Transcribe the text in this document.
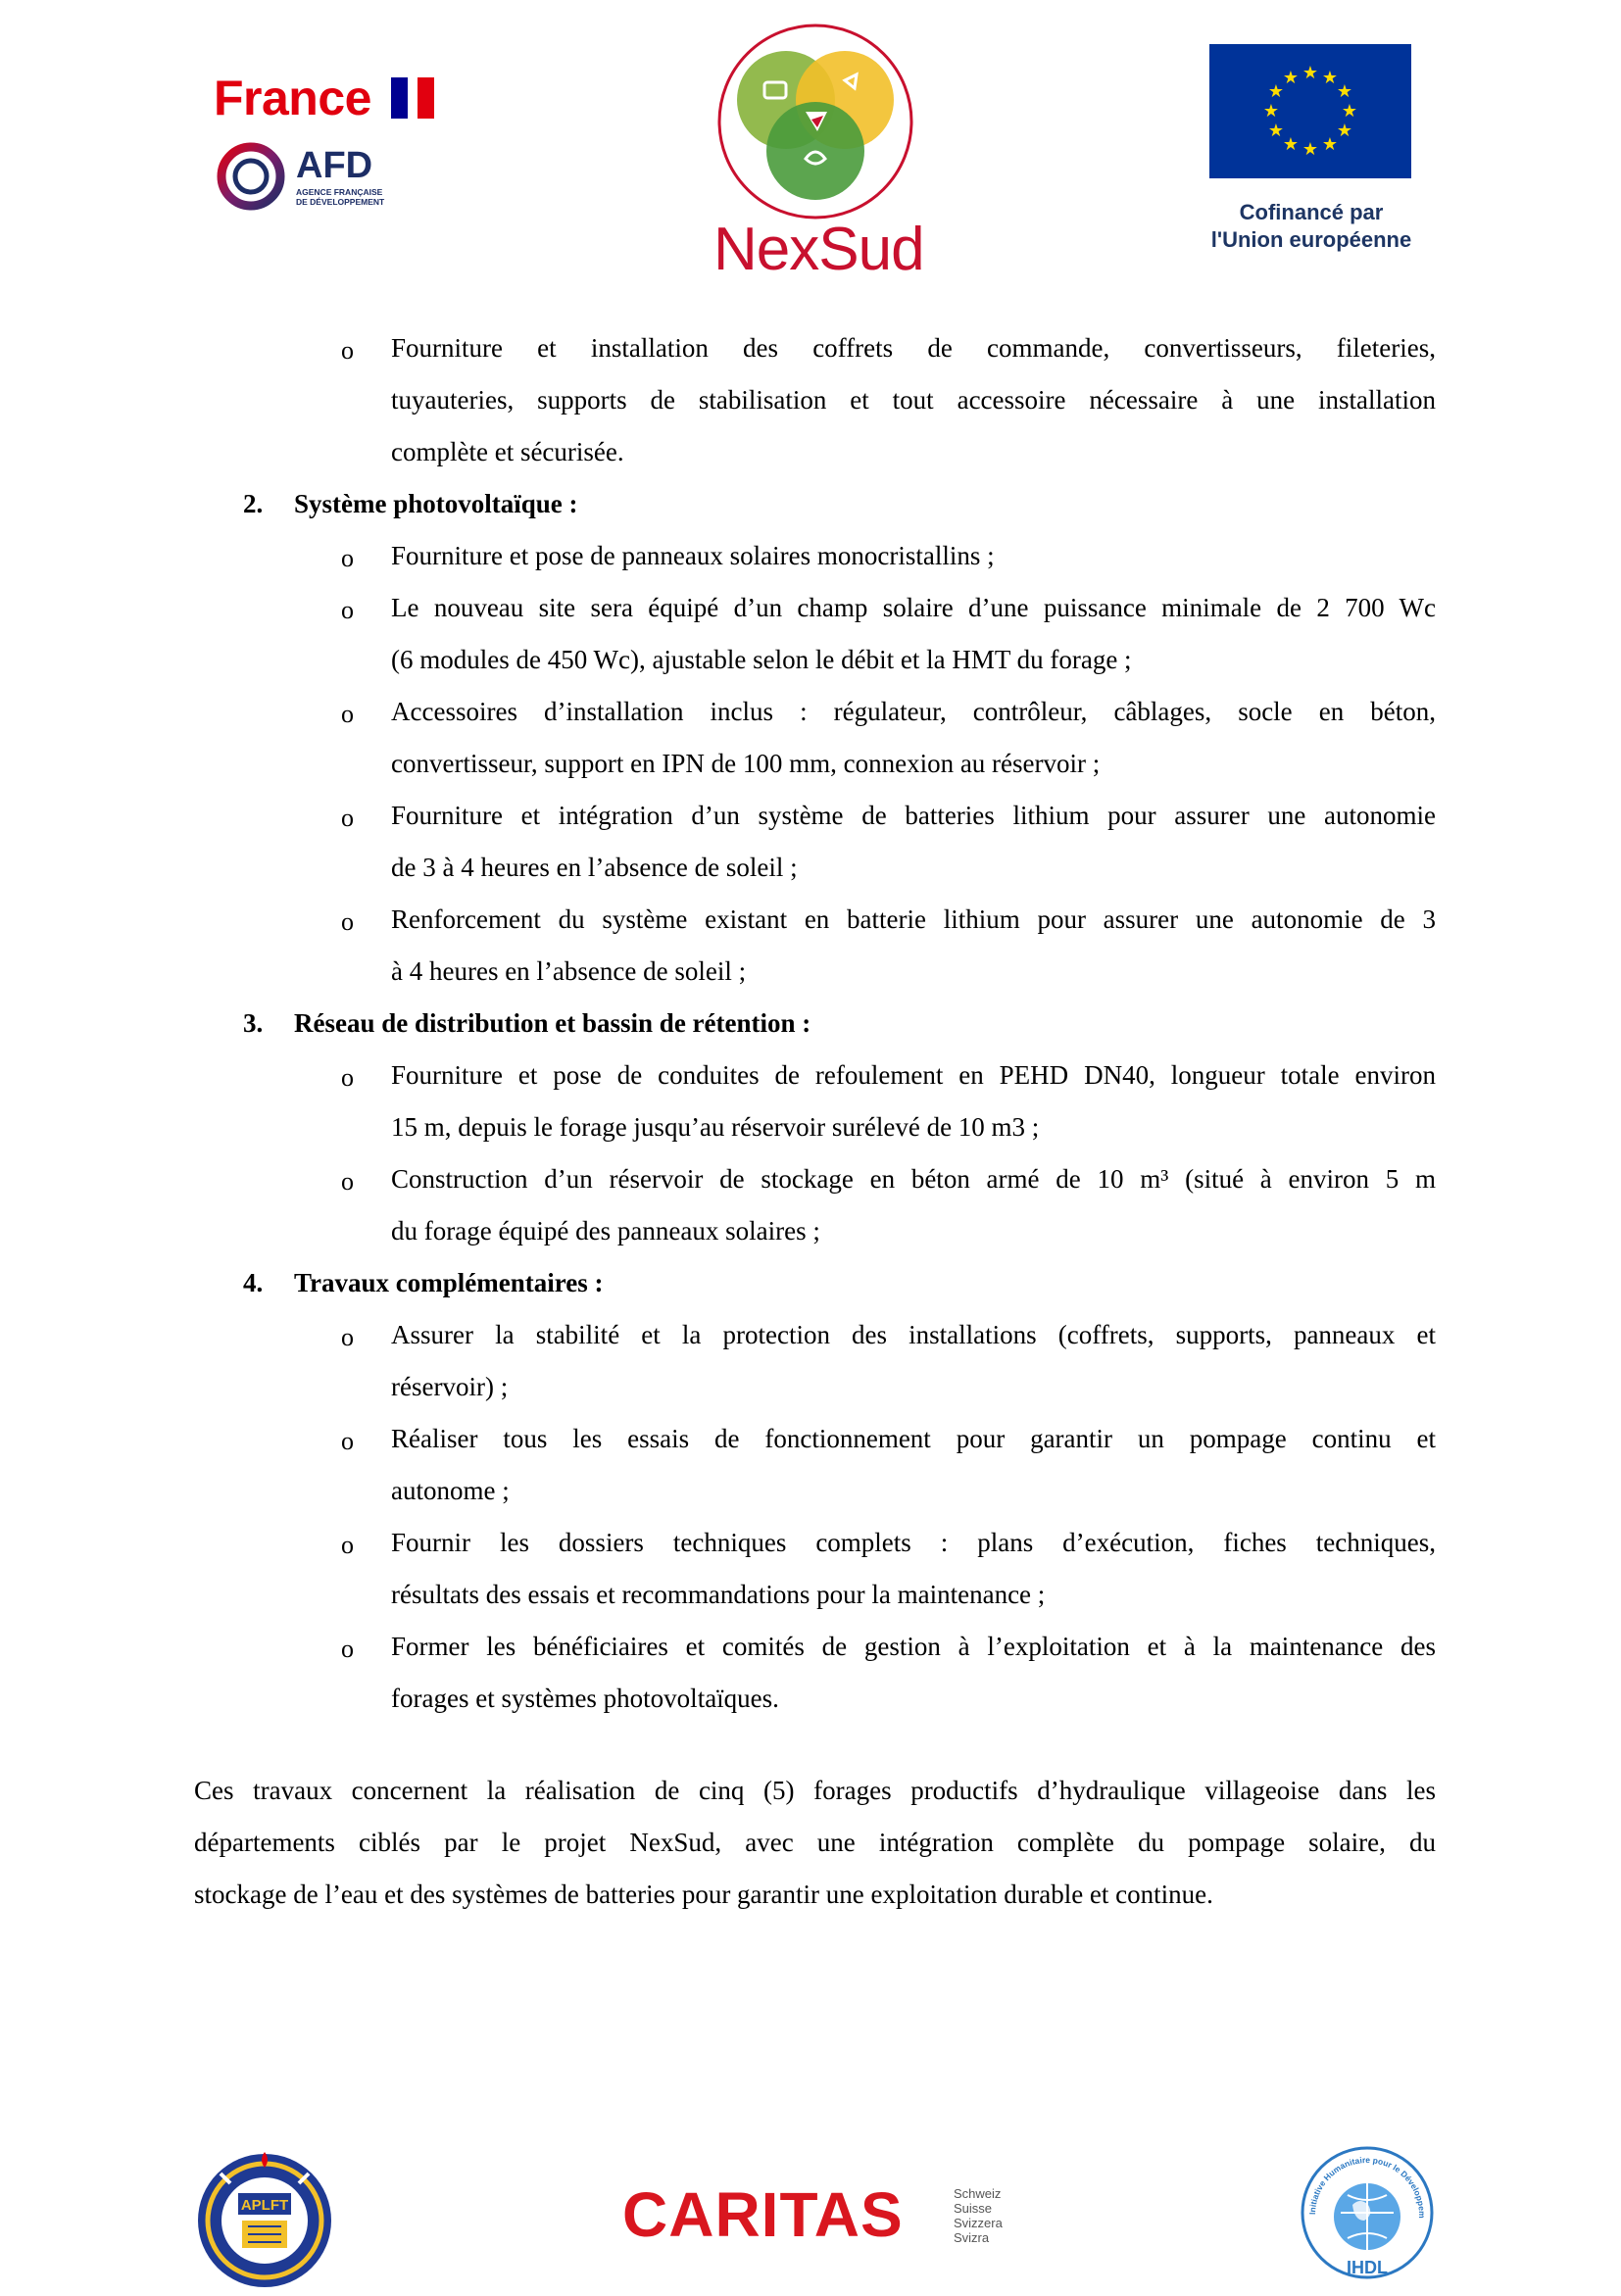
France
AFD
AGENCE FRANÇAISE
DE DÉVELOPPEMENT
NexSud
★ ★
★
★
★
★
★
★
★
★
★
★
Cofinancé par
l'Union européenne
o Fourniture et installation des coffrets de commande, convertisseurs, fileteries,
tuyauteries, supports de stabilisation et tout accessoire nécessaire à une installation
complète et sécurisée.
2. Système photovoltaïque :
o Fourniture et pose de panneaux solaires monocristallins ;
o Le nouveau site sera équipé d’un champ solaire d’une puissance minimale de 2 700 Wc
(6 modules de 450 Wc), ajustable selon le débit et la HMT du forage ;
o Accessoires d’installation inclus : régulateur, contrôleur, câblages, socle en béton,
convertisseur, support en IPN de 100 mm, connexion au réservoir ;
o Fourniture et intégration d’un système de batteries lithium pour assurer une autonomie
de 3 à 4 heures en l’absence de soleil ;
o Renforcement du système existant en batterie lithium pour assurer une autonomie de 3
à 4 heures en l’absence de soleil ;
3. Réseau de distribution et bassin de rétention :
o Fourniture et pose de conduites de refoulement en PEHD DN40, longueur totale environ
15 m, depuis le forage jusqu’au réservoir surélevé de 10 m3 ;
o Construction d’un réservoir de stockage en béton armé de 10 m³ (situé à environ 5 m
du forage équipé des panneaux solaires ;
4. Travaux complémentaires :
o Assurer la stabilité et la protection des installations (coffrets, supports, panneaux et
réservoir) ;
o Réaliser tous les essais de fonctionnement pour garantir un pompage continu et
autonome ;
o Fournir les dossiers techniques complets : plans d’exécution, fiches techniques,
résultats des essais et recommandations pour la maintenance ;
o Former les bénéficiaires et comités de gestion à l’exploitation et à la maintenance des
forages et systèmes photovoltaïques.
Ces travaux concernent la réalisation de cinq (5) forages productifs d’hydraulique villageoise dans les
départements ciblés par le projet NexSud, avec une intégration complète du pompage solaire, du
stockage de l’eau et des systèmes de batteries pour garantir une exploitation durable et continue.
APLFT	CARITAS	Schweiz
Suisse
Svizzera
Svizra
Initiative Humanitaire pour le Développem
IHDL
